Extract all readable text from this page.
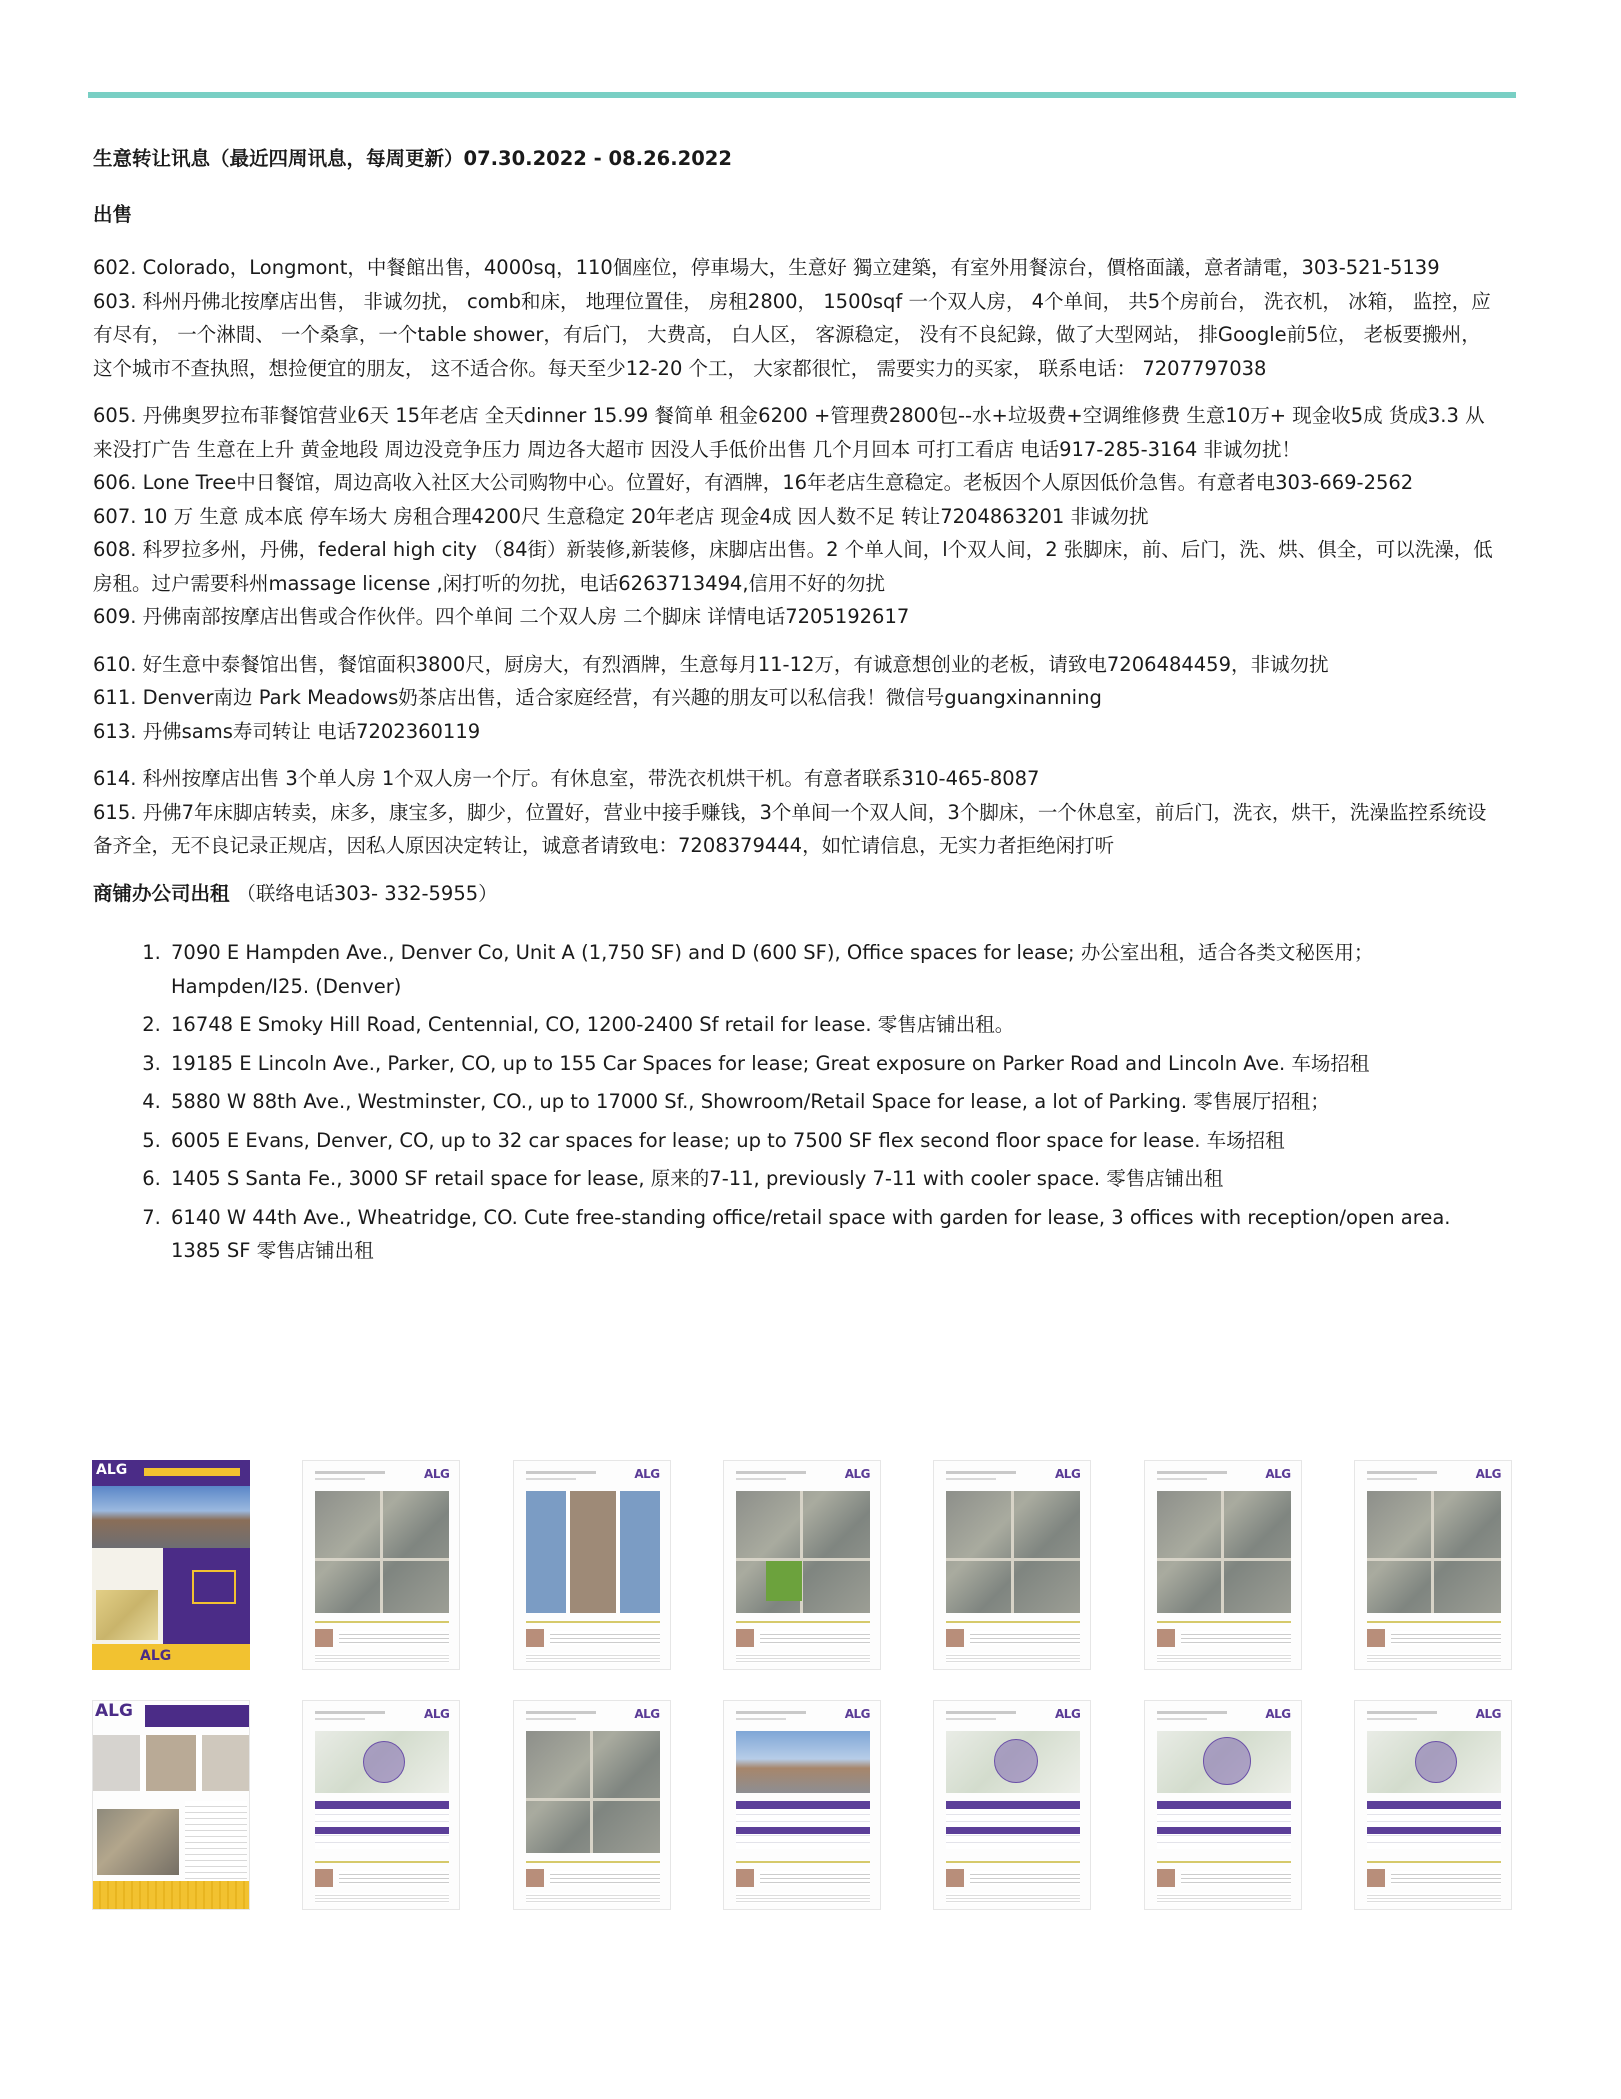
生意转让讯息（最近四周讯息，每周更新）07.30.2022 - 08.26.2022

出售

602. Colorado，Longmont，中餐館出售，4000sq，110個座位，停車場大，生意好 獨立建築，有室外用餐涼台，價格面議，意者請電，303-521-5139

603. 科州丹佛北按摩店出售， 非诚勿扰， comb和床， 地理位置佳， 房租2800， 1500sqf 一个双人房， 4个单间， 共5个房前台， 洗衣机， 冰箱， 监控，应有尽有， 一个淋間、 一个桑拿，一个table shower，有后门， 大费高， 白人区， 客源稳定， 没有不良紀錄，做了大型网站， 排Google前5位， 老板要搬州， 这个城市不查执照，想捡便宜的朋友， 这不适合你。每天至少12-20 个工， 大家都很忙， 需要实力的买家， 联系电话： 7207797038

605. 丹佛奥罗拉布菲餐馆营业6天 15年老店 全天dinner 15.99 餐简单 租金6200 +管理费2800包--水+垃圾费+空调维修费 生意10万+ 现金收5成 货成3.3 从来没打广告 生意在上升 黄金地段 周边没竞争压力 周边各大超市 因没人手低价出售 几个月回本 可打工看店 电话917-285-3164 非诚勿扰！

606. Lone Tree中日餐馆，周边高收入社区大公司购物中心。位置好，有酒牌，16年老店生意稳定。老板因个人原因低价急售。有意者电303-669-2562

607. 10 万 生意 成本底 停车场大 房租合理4200尺 生意稳定 20年老店 现金4成 因人数不足 转让7204863201 非诚勿扰

608. 科罗拉多州，丹佛，federal high city （84街）新装修,新装修，床脚店出售。2 个单人间，l个双人间，2 张脚床，前、后门，洗、烘、俱全，可以洗澡，低房租。过户需要科州massage license ,闲打听的勿扰，电话6263713494,信用不好的勿扰

609. 丹佛南部按摩店出售或合作伙伴。四个单间 二个双人房 二个脚床 详情电话7205192617

610. 好生意中泰餐馆出售，餐馆面积3800尺，厨房大，有烈酒牌，生意每月11-12万，有诚意想创业的老板，请致电7206484459，非诚勿扰

611. Denver南边 Park Meadows奶茶店出售，适合家庭经营，有兴趣的朋友可以私信我！微信号guangxinanning

613. 丹佛sams寿司转让 电话7202360119

614. 科州按摩店出售 3个单人房 1个双人房一个厅。有休息室，带洗衣机烘干机。有意者联系310-465-8087

615. 丹佛7年床脚店转卖，床多，康宝多，脚少，位置好，营业中接手赚钱，3个单间一个双人间，3个脚床，一个休息室，前后门，洗衣，烘干，洗澡监控系统设备齐全，无不良记录正规店，因私人原因决定转让，诚意者请致电：7208379444，如忙请信息，无实力者拒绝闲打听

商铺办公司出租 （联络电话303- 332-5955）

1. 7090 E Hampden Ave., Denver Co, Unit A (1,750 SF) and D (600 SF), Office spaces for lease; 办公室出租，适合各类文秘医用；Hampden/I25. (Denver)
2. 16748 E Smoky Hill Road, Centennial, CO, 1200-2400 Sf retail for lease. 零售店铺出租。
3. 19185 E Lincoln Ave., Parker, CO, up to 155 Car Spaces for lease; Great exposure on Parker Road and Lincoln Ave. 车场招租
4. 5880 W 88th Ave., Westminster, CO., up to 17000 Sf., Showroom/Retail Space for lease, a lot of Parking. 零售展厅招租；
5. 6005 E Evans, Denver, CO, up to 32 car spaces for lease; up to 7500 SF flex second floor space for lease. 车场招租
6. 1405 S Santa Fe., 3000 SF retail space for lease, 原来的7-11, previously 7-11 with cooler space. 零售店铺出租
7. 6140 W 44th Ave., Wheatridge, CO. Cute free-standing office/retail space with garden for lease, 3 offices with reception/open area. 1385 SF 零售店铺出租
ALG
ALG
ALG	ALG	ALG	ALG	ALG	ALG
ALG	ALG	ALG	ALG	ALG	ALG	ALG
